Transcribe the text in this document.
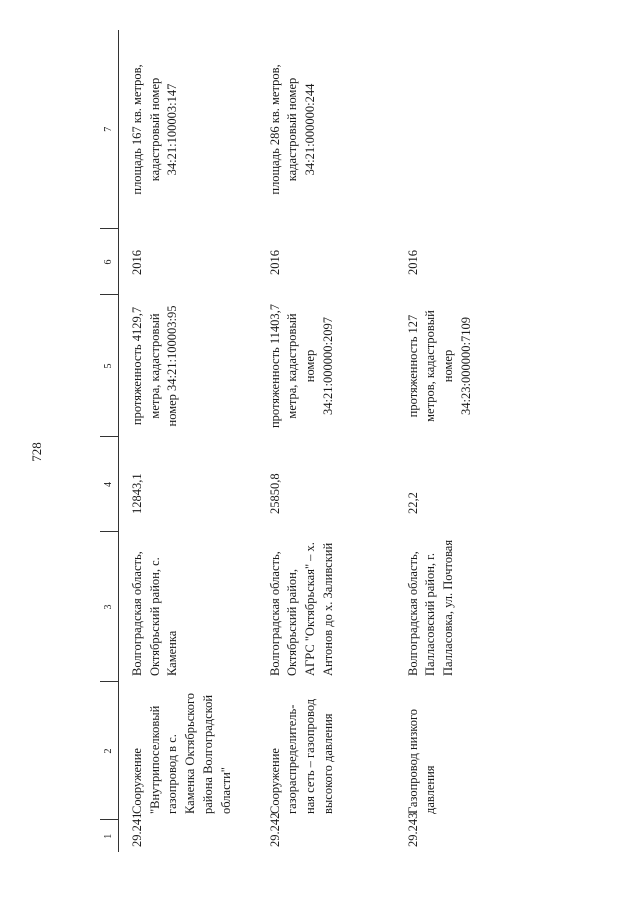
728
1	2	3	4	5	6	7
29.241	Сооружение "Внутрипоселковый газопровод в с. Каменка Октябрьского района Волгоградской области"	Волгоградская область, Октябрьский район, с. Каменка	12843,1	протяженность 4129,7 метра, кадастровый номер 34:21:100003:95	2016	площадь 167 кв. метров, кадастровый номер 34:21:100003:147
29.242	Сооружение газораспределитель-ная сеть – газопровод высокого давления	Волгоградская область, Октябрьский район, АГРС "Октябрьская" – х. Антонов до х. Заливский	25850,8	протяженность 11403,7 метра, кадастровый номер 34:21:000000:2097	2016	площадь 286 кв. метров, кадастровый номер 34:21:000000:244
29.243	Газопровод низкого давления	Волгоградская область, Палласовский район, г. Палласовка, ул. Почтовая	22,2	протяженность 127 метров, кадастровый номер 34:23:000000:7109	2016	
